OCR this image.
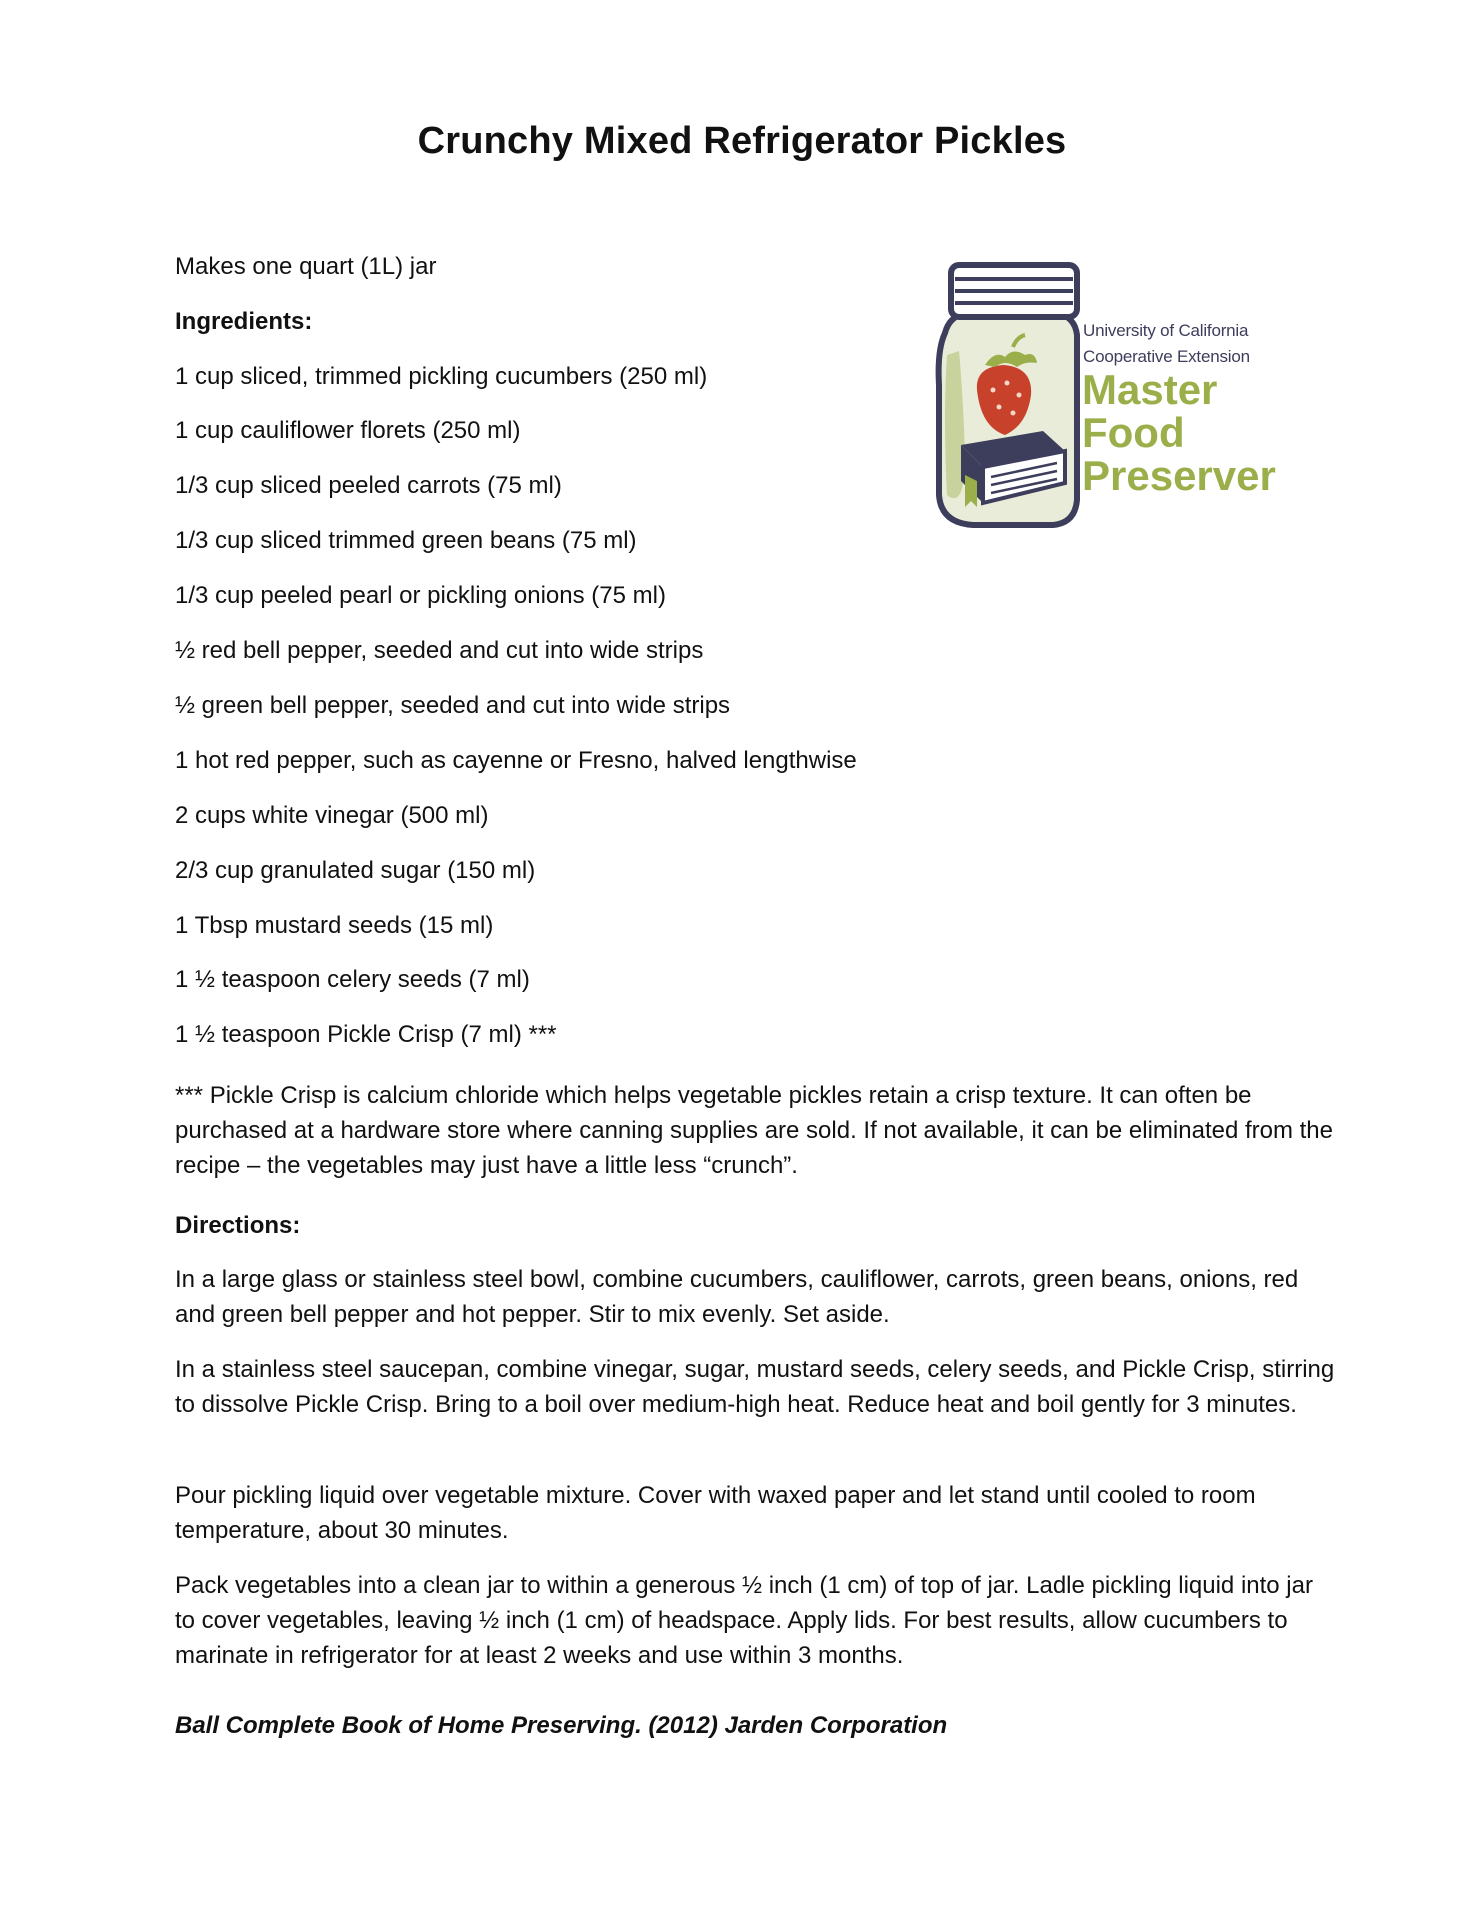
Crunchy Mixed Refrigerator Pickles
University of California
Cooperative Extension
Master
Food
Preserver
Makes one quart (1L) jar
Ingredients:
1 cup sliced, trimmed pickling cucumbers (250 ml)
1 cup cauliflower florets (250 ml)
1/3 cup sliced peeled carrots (75 ml)
1/3 cup sliced trimmed green beans (75 ml)
1/3 cup peeled pearl or pickling onions (75 ml)
½ red bell pepper, seeded and cut into wide strips
½ green bell pepper, seeded and cut into wide strips
1 hot red pepper, such as cayenne or Fresno, halved lengthwise
2 cups white vinegar (500 ml)
2/3 cup granulated sugar (150 ml)
1 Tbsp mustard seeds (15 ml)
1 ½ teaspoon celery seeds (7 ml)
1 ½ teaspoon Pickle Crisp (7 ml) ***
*** Pickle Crisp is calcium chloride which helps vegetable pickles retain a crisp texture. It can often be purchased at a hardware store where canning supplies are sold. If not available, it can be eliminated from the recipe – the vegetables may just have a little less “crunch”.
Directions:
In a large glass or stainless steel bowl, combine cucumbers, cauliflower, carrots, green beans, onions, red and green bell pepper and hot pepper. Stir to mix evenly. Set aside.
In a stainless steel saucepan, combine vinegar, sugar, mustard seeds, celery seeds, and Pickle Crisp, stirring to dissolve Pickle Crisp. Bring to a boil over medium-high heat. Reduce heat and boil gently for 3 minutes.
Pour pickling liquid over vegetable mixture. Cover with waxed paper and let stand until cooled to room temperature, about 30 minutes.
Pack vegetables into a clean jar to within a generous ½ inch (1 cm) of top of jar. Ladle pickling liquid into jar to cover vegetables, leaving ½ inch (1 cm) of headspace. Apply lids. For best results, allow cucumbers to marinate in refrigerator for at least 2 weeks and use within 3 months.
Ball Complete Book of Home Preserving. (2012) Jarden Corporation
